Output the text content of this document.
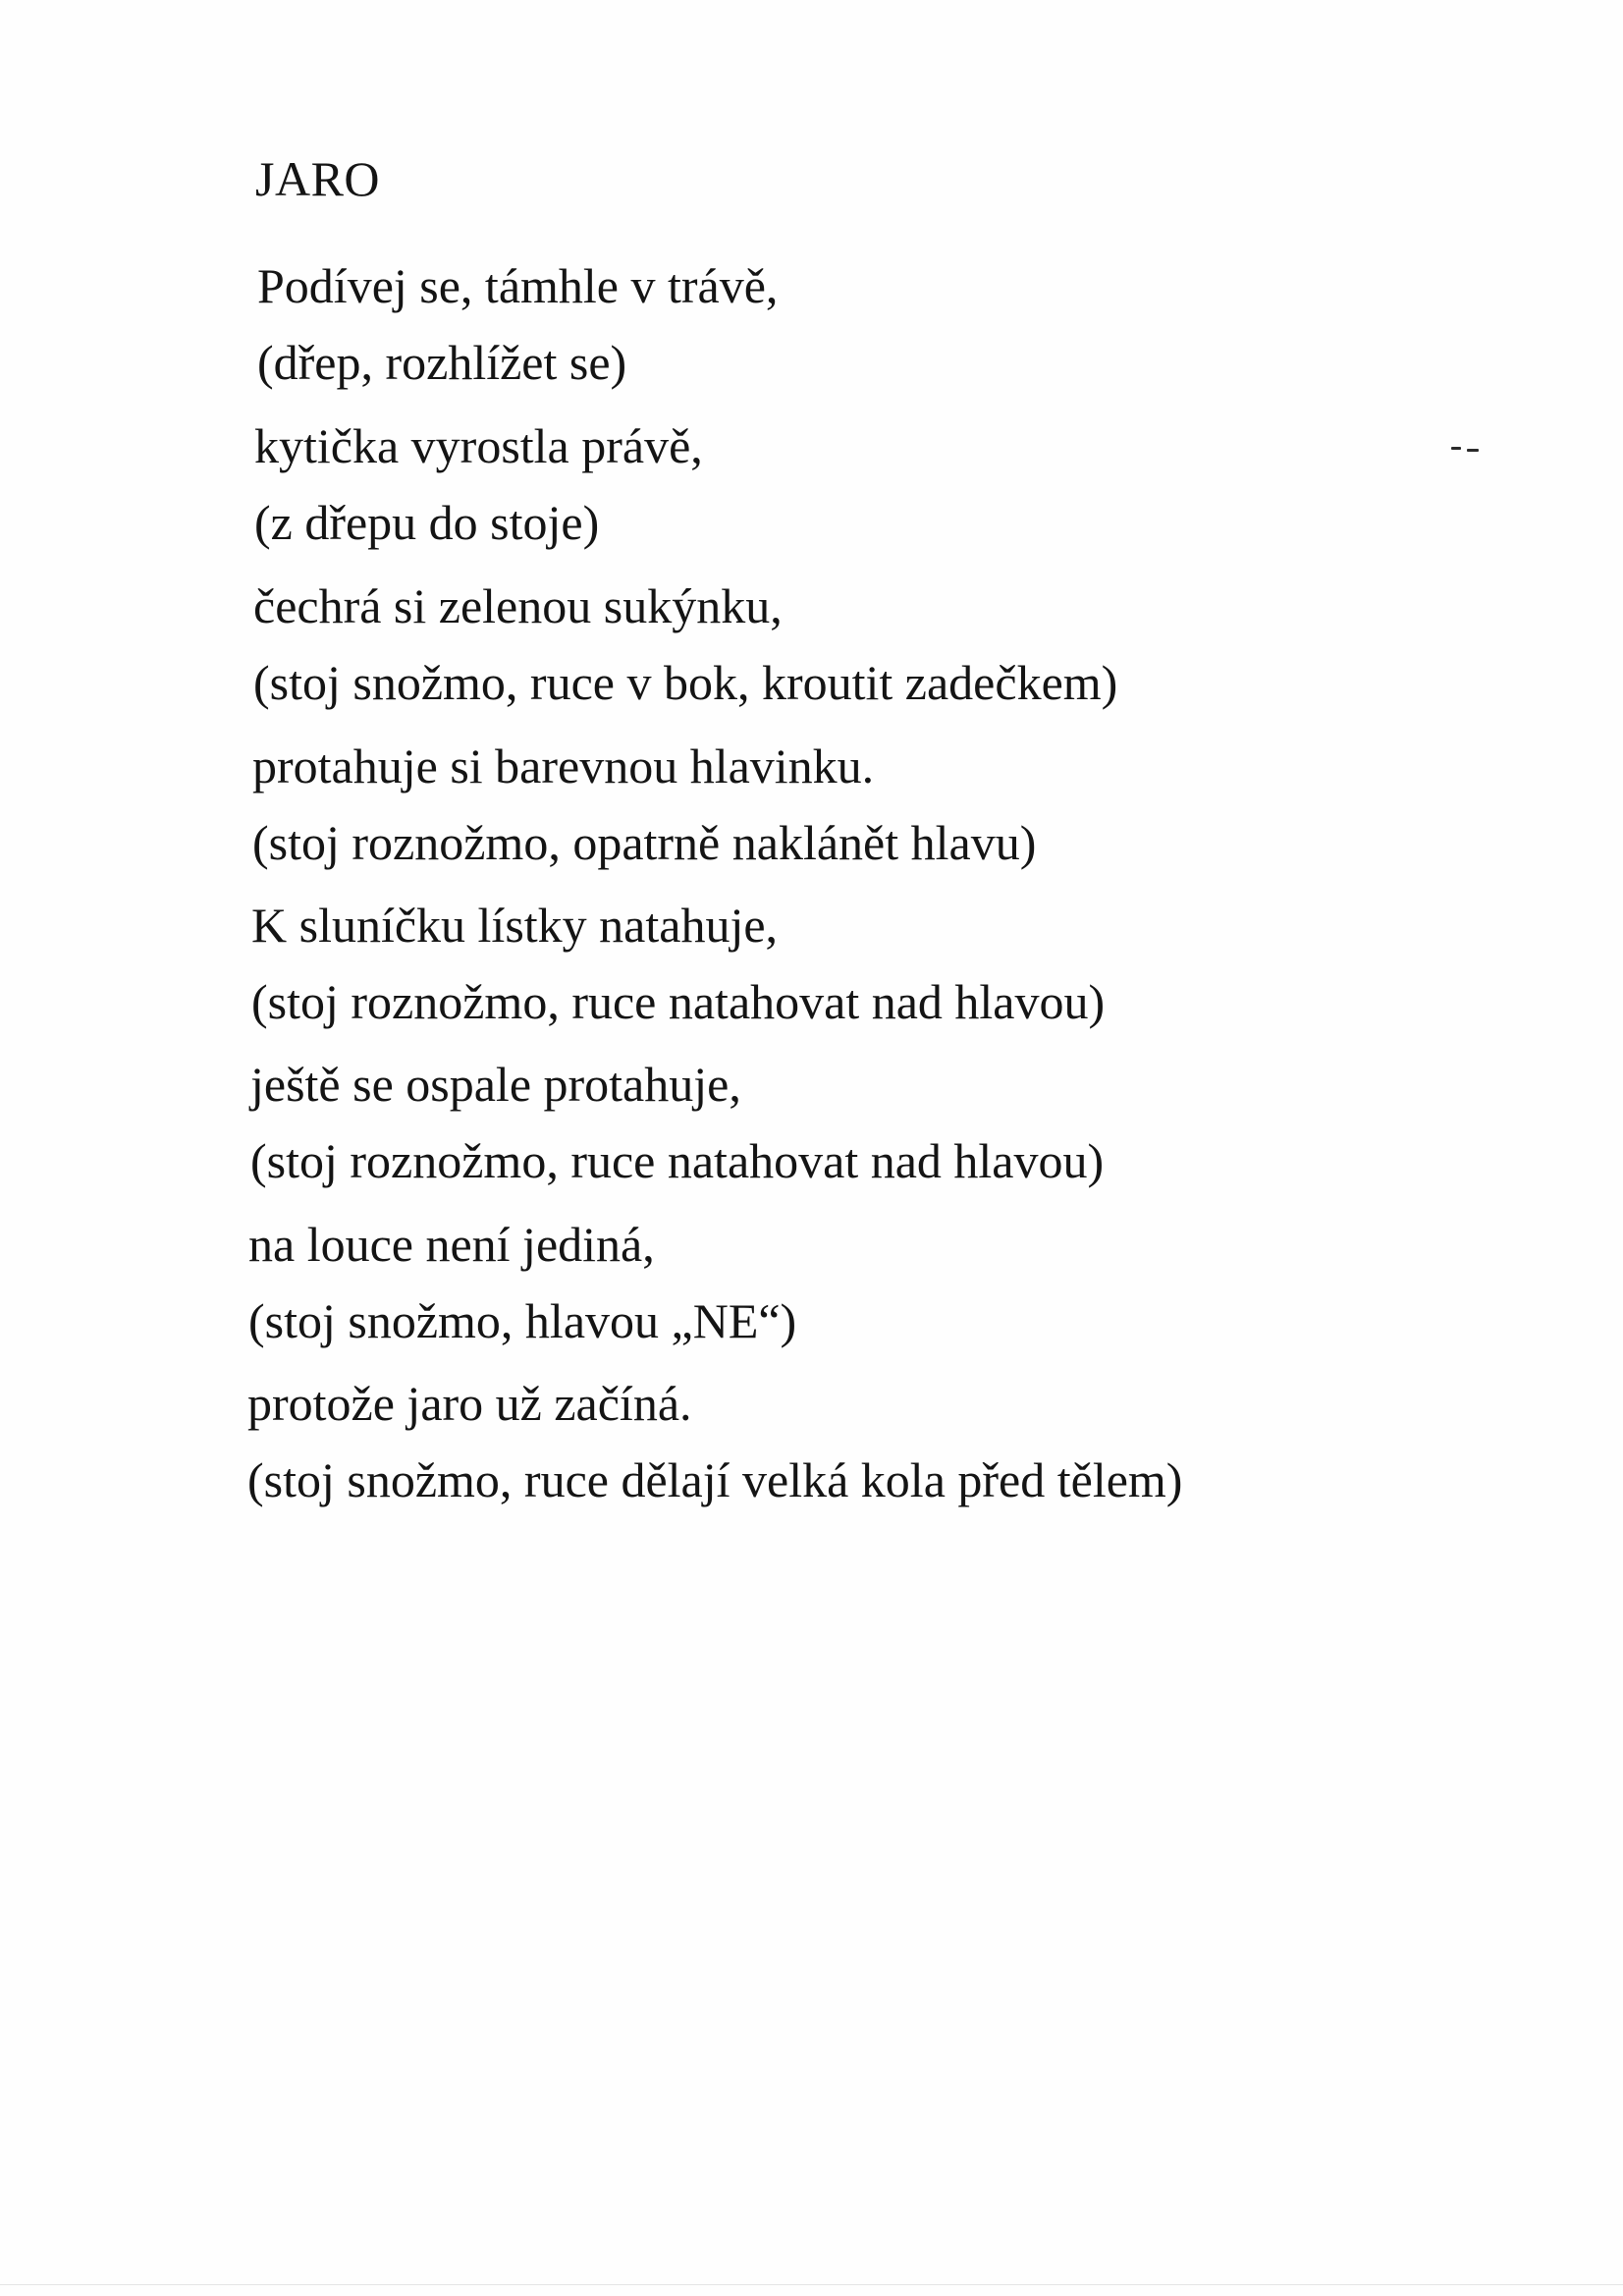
JARO
Podívej se, támhle v trávě,
(dřep, rozhlížet se)
kytička vyrostla právě,
(z dřepu do stoje)
čechrá si zelenou sukýnku,
(stoj snožmo, ruce v bok, kroutit zadečkem)
protahuje si barevnou hlavinku.
(stoj roznožmo, opatrně naklánět hlavu)
K sluníčku lístky natahuje,
(stoj roznožmo, ruce natahovat nad hlavou)
ještě se ospale protahuje,
(stoj roznožmo, ruce natahovat nad hlavou)
na louce není jediná,
(stoj snožmo, hlavou „NE“)
protože jaro už začíná.
(stoj snožmo, ruce dělají velká kola před tělem)
